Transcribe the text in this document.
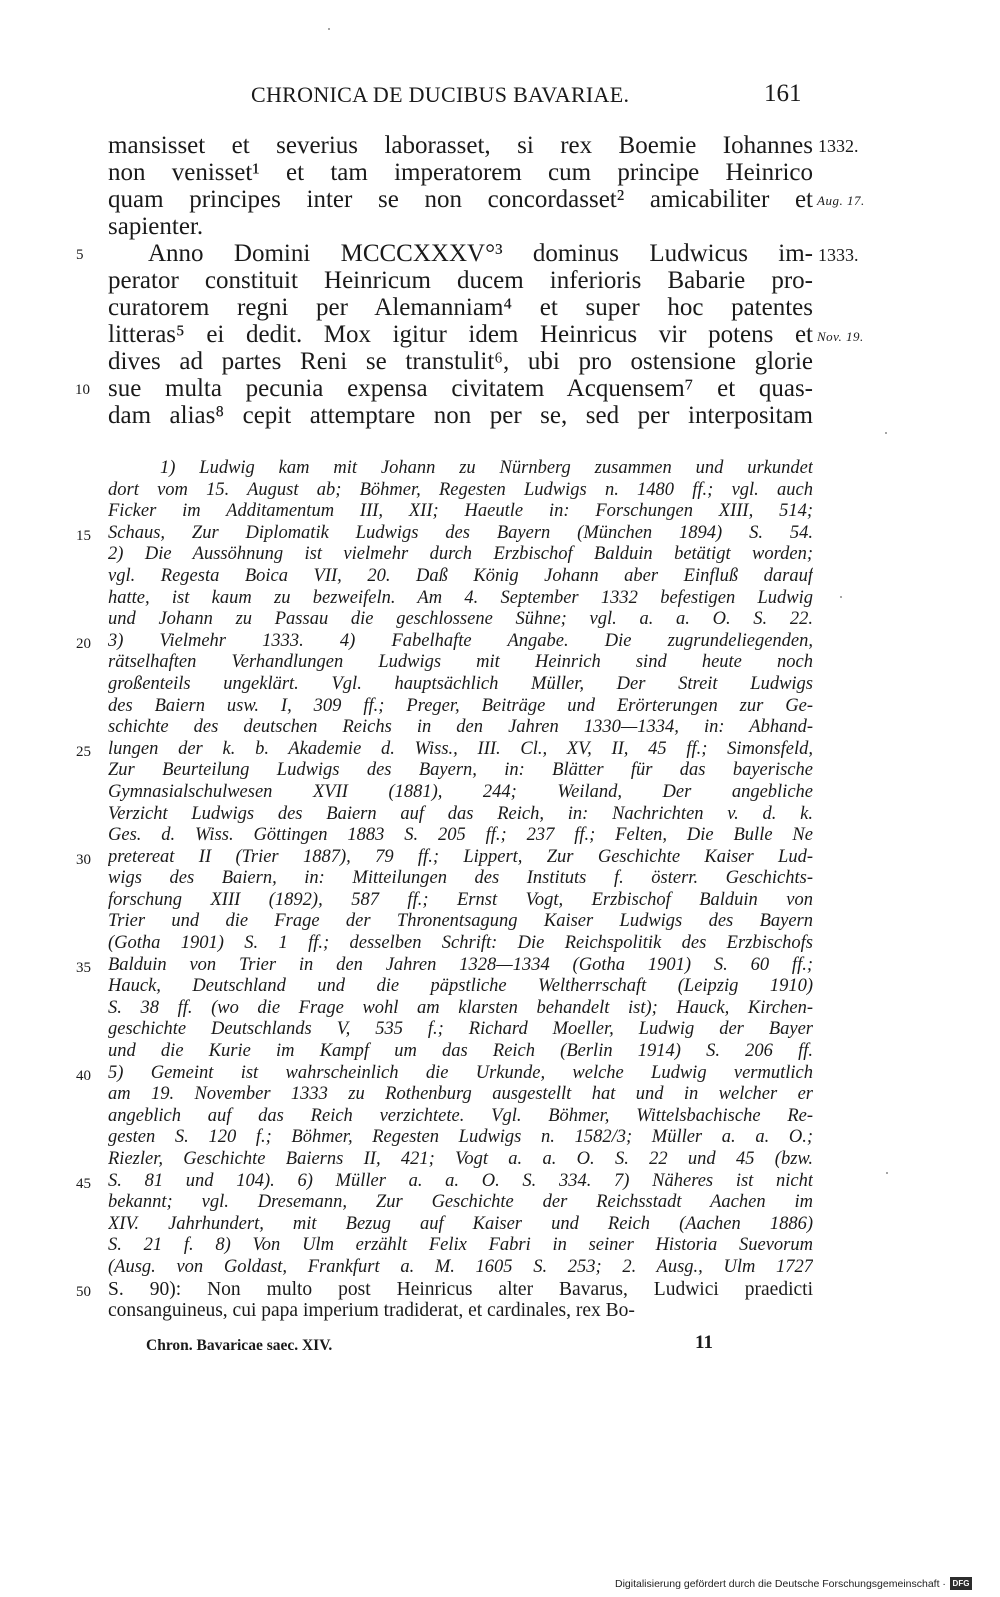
CHRONICA DE DUCIBUS BAVARIAE.	161
mansisset et severius laborasset, si rex Boemie Iohannes
non venisset¹ et tam imperatorem cum principe Heinrico
quam principes inter se non concordasset² amicabiliter et
sapienter.
Anno Domini MCCCXXXV°³ dominus Ludwicus im-
perator constituit Heinricum ducem inferioris Babarie pro-
curatorem regni per Alemanniam⁴ et super hoc patentes
litteras⁵ ei dedit. Mox igitur idem Heinricus vir potens et
dives ad partes Reni se transtulit⁶, ubi pro ostensione glorie
sue multa pecunia expensa civitatem Acquensem⁷ et quas-
dam alias⁸ cepit attemptare non per se, sed per interpositam
5
10
1332.
Aug. 17.
1333.
Nov. 19.
1) Ludwig kam mit Johann zu Nürnberg zusammen und urkundet
dort vom 15. August ab; Böhmer, Regesten Ludwigs n. 1480 ff.; vgl. auch
Ficker im Additamentum III, XII; Haeutle in: Forschungen XIII, 514;
Schaus, Zur Diplomatik Ludwigs des Bayern (München 1894) S. 54.
2) Die Aussöhnung ist vielmehr durch Erzbischof Balduin betätigt worden;
vgl. Regesta Boica VII, 20. Daß König Johann aber Einfluß darauf
hatte, ist kaum zu bezweifeln. Am 4. September 1332 befestigen Ludwig
und Johann zu Passau die geschlossene Sühne; vgl. a. a. O. S. 22.
3) Vielmehr 1333. 4) Fabelhafte Angabe. Die zugrundeliegenden,
rätselhaften Verhandlungen Ludwigs mit Heinrich sind heute noch
großenteils ungeklärt. Vgl. hauptsächlich Müller, Der Streit Ludwigs
des Baiern usw. I, 309 ff.; Preger, Beiträge und Erörterungen zur Ge-
schichte des deutschen Reichs in den Jahren 1330—1334, in: Abhand-
lungen der k. b. Akademie d. Wiss., III. Cl., XV, II, 45 ff.; Simonsfeld,
Zur Beurteilung Ludwigs des Bayern, in: Blätter für das bayerische
Gymnasialschulwesen XVII (1881), 244; Weiland, Der angebliche
Verzicht Ludwigs des Baiern auf das Reich, in: Nachrichten v. d. k.
Ges. d. Wiss. Göttingen 1883 S. 205 ff.; 237 ff.; Felten, Die Bulle Ne
pretereat II (Trier 1887), 79 ff.; Lippert, Zur Geschichte Kaiser Lud-
wigs des Baiern, in: Mitteilungen des Instituts f. österr. Geschichts-
forschung XIII (1892), 587 ff.; Ernst Vogt, Erzbischof Balduin von
Trier und die Frage der Thronentsagung Kaiser Ludwigs des Bayern
(Gotha 1901) S. 1 ff.; desselben Schrift: Die Reichspolitik des Erzbischofs
Balduin von Trier in den Jahren 1328—1334 (Gotha 1901) S. 60 ff.;
Hauck, Deutschland und die päpstliche Weltherrschaft (Leipzig 1910)
S. 38 ff. (wo die Frage wohl am klarsten behandelt ist); Hauck, Kirchen-
geschichte Deutschlands V, 535 f.; Richard Moeller, Ludwig der Bayer
und die Kurie im Kampf um das Reich (Berlin 1914) S. 206 ff.
5) Gemeint ist wahrscheinlich die Urkunde, welche Ludwig vermutlich
am 19. November 1333 zu Rothenburg ausgestellt hat und in welcher er
angeblich auf das Reich verzichtete. Vgl. Böhmer, Wittelsbachische Re-
gesten S. 120 f.; Böhmer, Regesten Ludwigs n. 1582/3; Müller a. a. O.;
Riezler, Geschichte Baierns II, 421; Vogt a. a. O. S. 22 und 45 (bzw.
S. 81 und 104). 6) Müller a. a. O. S. 334. 7) Näheres ist nicht
bekannt; vgl. Dresemann, Zur Geschichte der Reichsstadt Aachen im
XIV. Jahrhundert, mit Bezug auf Kaiser und Reich (Aachen 1886)
S. 21 f. 8) Von Ulm erzählt Felix Fabri in seiner Historia Suevorum
(Ausg. von Goldast, Frankfurt a. M. 1605 S. 253; 2. Ausg., Ulm 1727
S. 90): Non multo post Heinricus alter Bavarus, Ludwici praedicti
consanguineus, cui papa imperium tradiderat, et cardinales, rex Bo-
15
20
25
30
35
40
45
50
Chron. Bavaricae saec. XIV.	11
Digitalisierung gefördert durch die Deutsche Forschungsgemeinschaft · DFG
